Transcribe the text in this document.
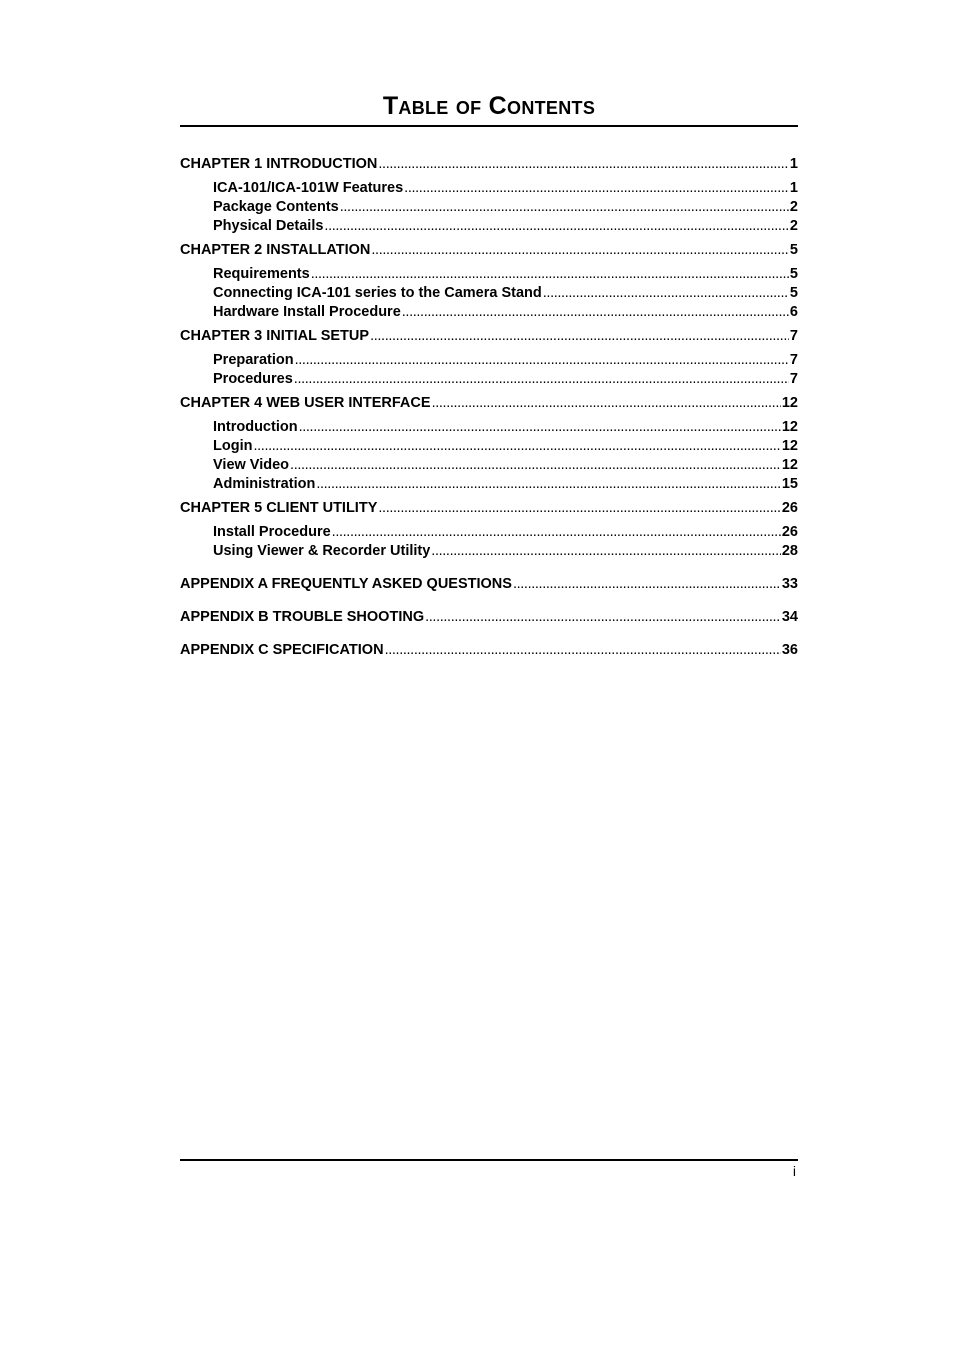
Table of Contents
CHAPTER 1 INTRODUCTION . . .	1
ICA-101/ICA-101W Features . . .	1
Package Contents . . .	2
Physical Details . . .	2
CHAPTER 2 INSTALLATION . . .	5
Requirements . . .	5
Connecting ICA-101 series to the Camera Stand . . .	5
Hardware Install Procedure . . .	6
CHAPTER 3 INITIAL SETUP . . .	7
Preparation . . .	7
Procedures . . .	7
CHAPTER 4 WEB USER INTERFACE . . .	12
Introduction . . .	12
Login . . .	12
View Video . . .	12
Administration . . .	15
CHAPTER 5 CLIENT UTILITY . . .	26
Install Procedure . . .	26
Using Viewer & Recorder Utility . . .	28
APPENDIX A FREQUENTLY ASKED QUESTIONS . . .	33
APPENDIX B TROUBLE SHOOTING . . .	34
APPENDIX C SPECIFICATION . . .	36
i
